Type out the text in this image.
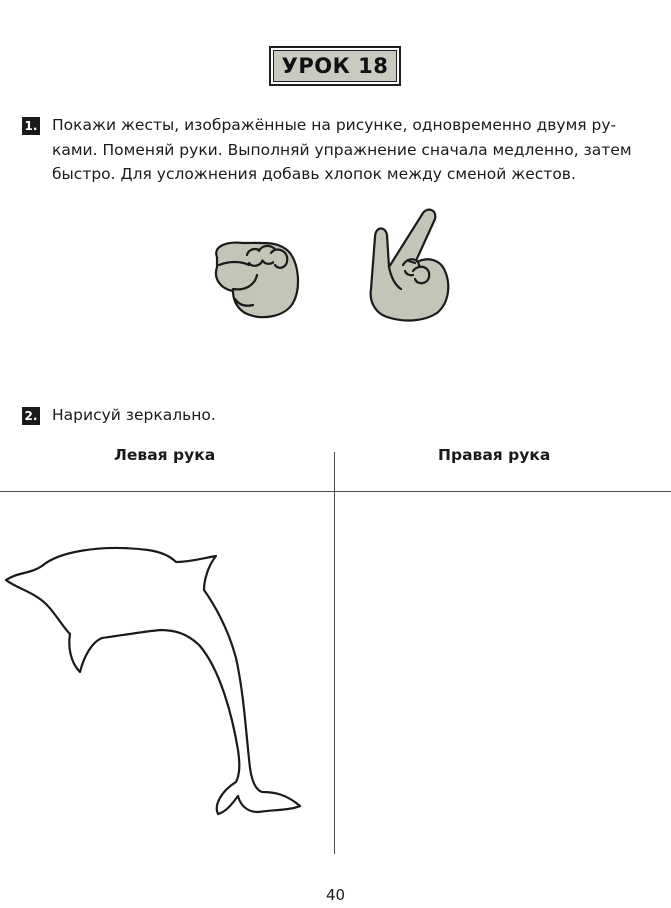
УРОК 18
1. Покажи жесты, изображённые на рисунке, одновременно двумя ру-
ками. Поменяй руки. Выполняй упражнение сначала медленно, затем
быстро. Для усложнения добавь хлопок между сменой жестов.
2. Нарисуй зеркально.
Левая рука	Правая рука
40
